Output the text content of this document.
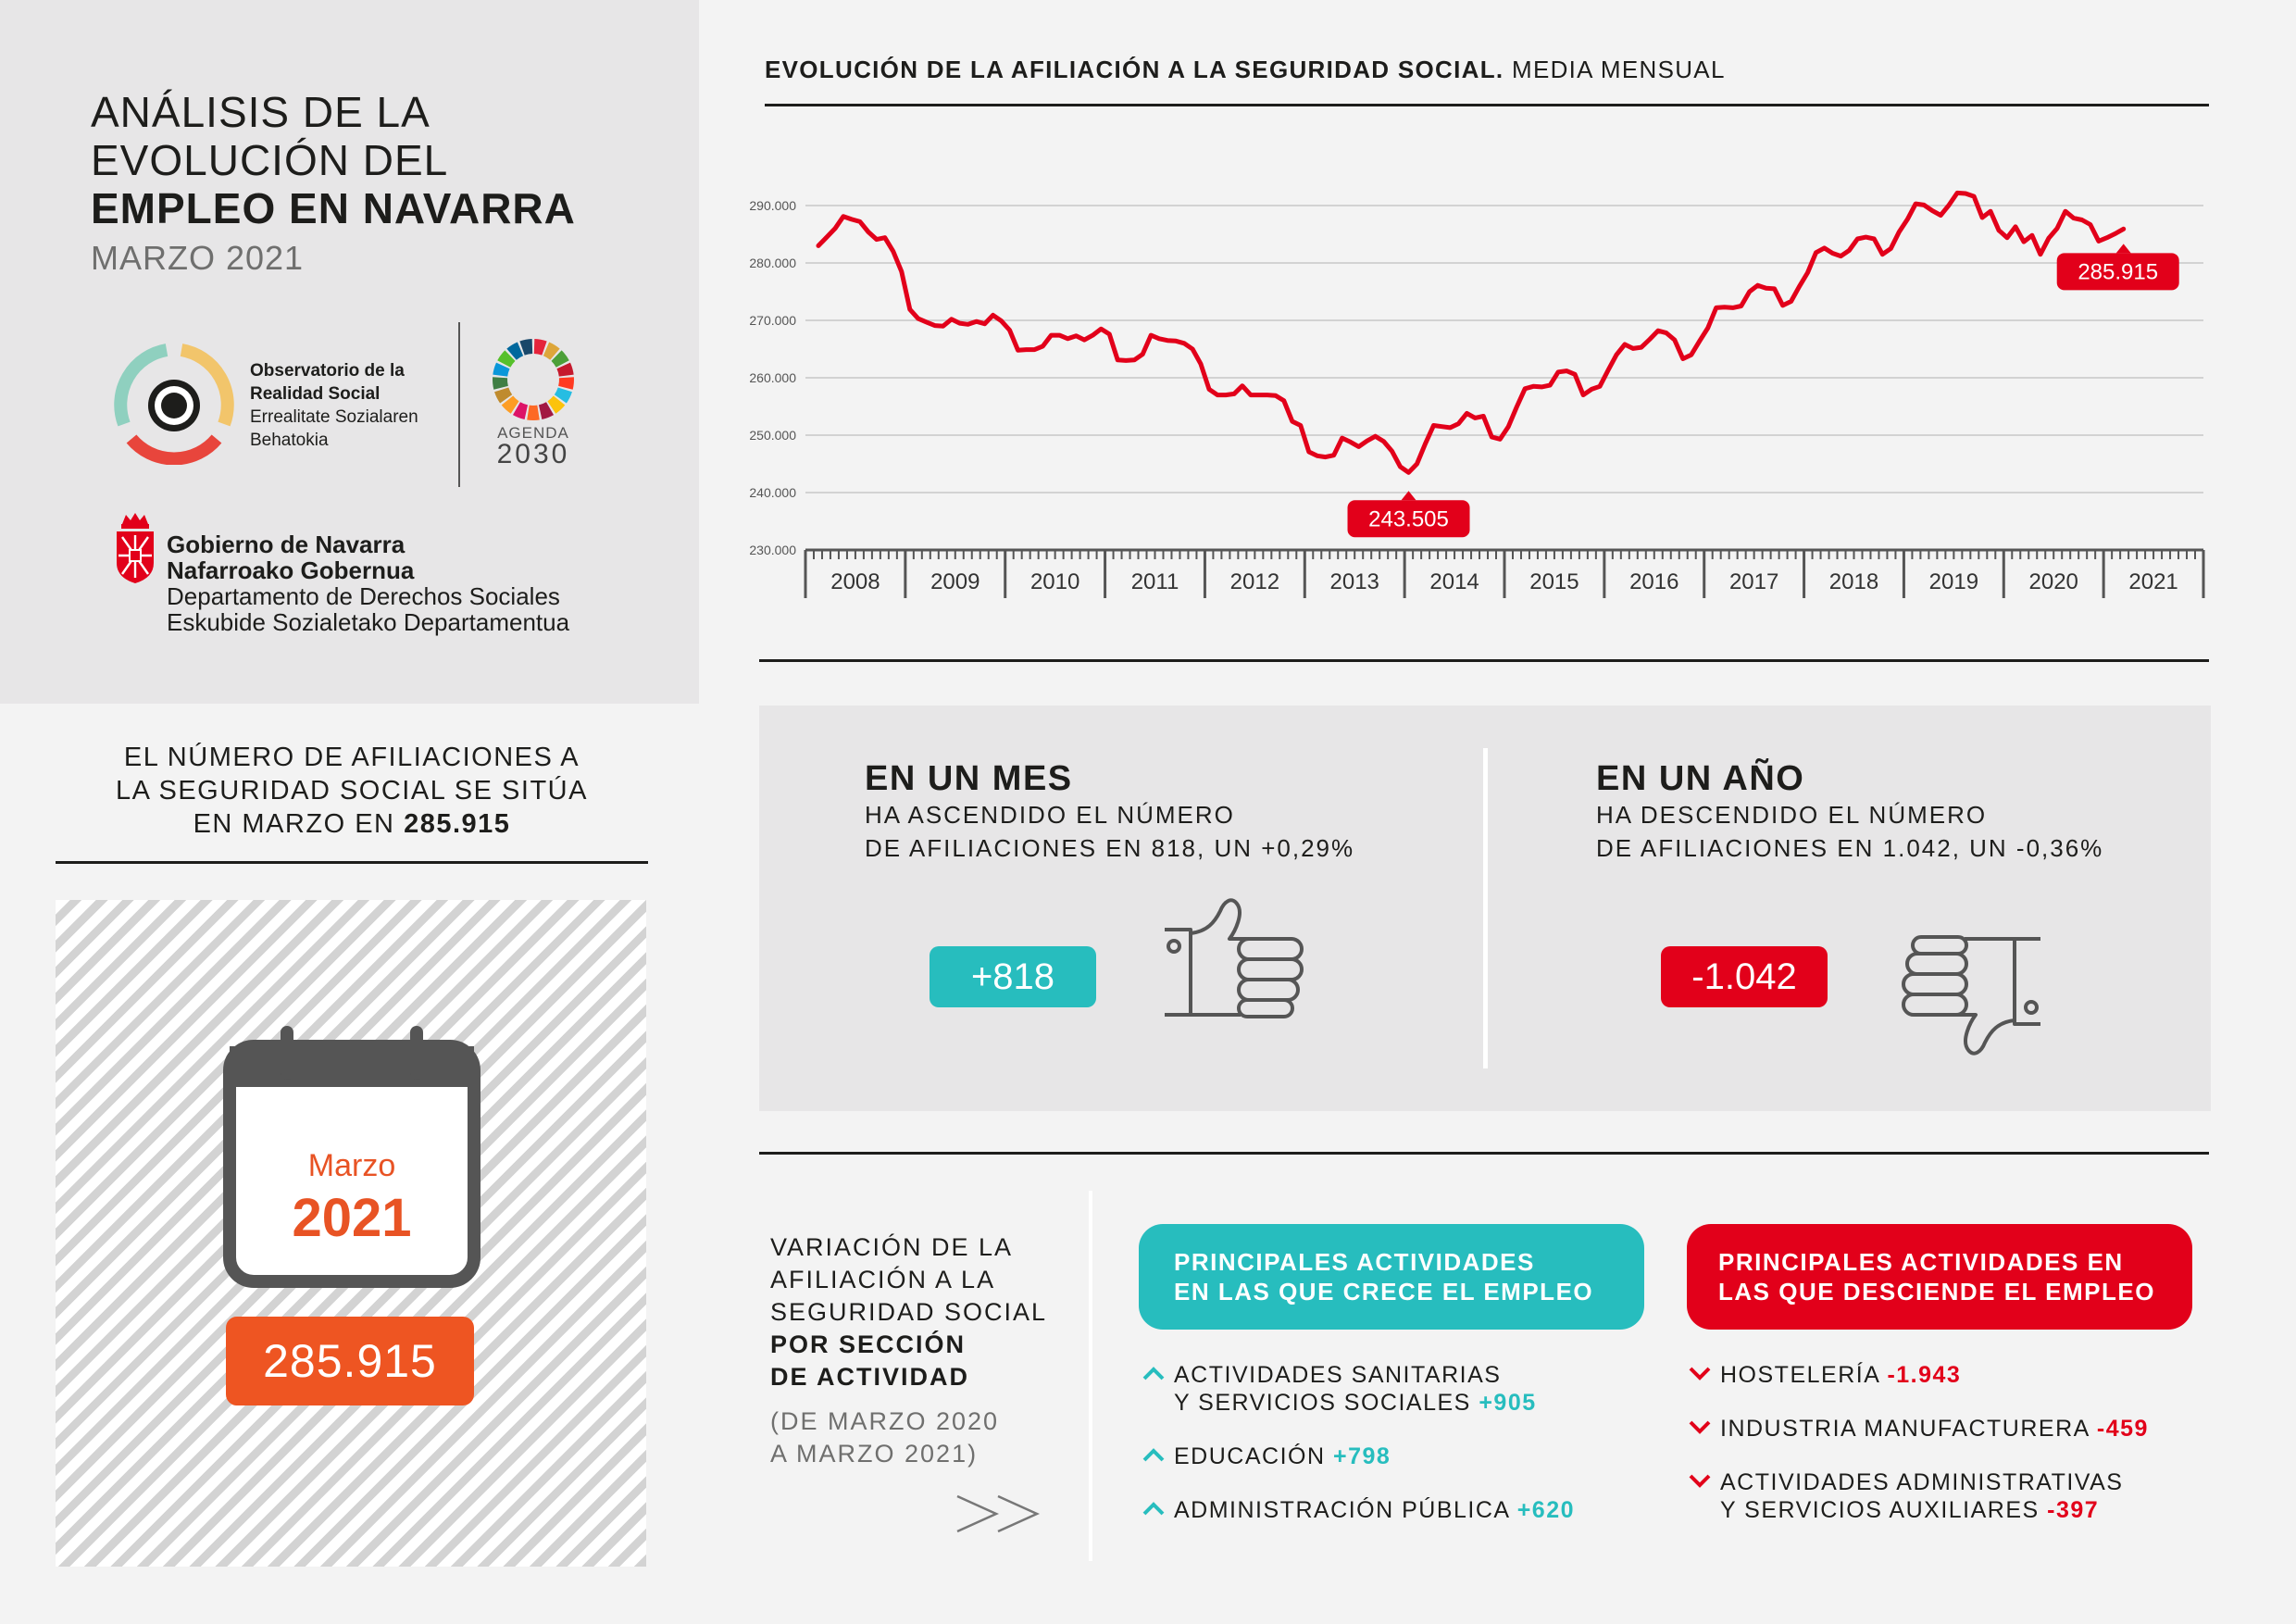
ANÁLISIS DE LA
EVOLUCIÓN DEL
EMPLEO EN NAVARRA
MARZO 2021
Observatorio de la
Realidad Social
Errealitate Sozialaren
Behatokia	AGENDA
2030
Gobierno de Navarra
Nafarroako Gobernua
Departamento de Derechos Sociales
Eskubide Sozialetako Departamentua
EL NÚMERO DE AFILIACIONES A
LA SEGURIDAD SOCIAL SE SITÚA
EN MARZO EN 285.915
Marzo
2021
285.915
EVOLUCIÓN DE LA AFILIACIÓN A LA SEGURIDAD SOCIAL. MEDIA MENSUAL
230.000
240.000
250.000
260.000
270.000
280.000
290.000
2008 2009 2010 2011 2012 2013 2014 2015 2016 2017 2018 2019 2020 2021
243.505
285.915
EN UN MES
HA ASCENDIDO EL NÚMERO
DE AFILIACIONES EN 818, UN +0,29%
+818
EN UN AÑO
HA DESCENDIDO EL NÚMERO
DE AFILIACIONES EN 1.042, UN -0,36%
-1.042
VARIACIÓN DE LA
AFILIACIÓN A LA
SEGURIDAD SOCIAL
POR SECCIÓN
DE ACTIVIDAD
(DE MARZO 2020
A MARZO 2021)
PRINCIPALES ACTIVIDADES
EN LAS QUE CRECE EL EMPLEO
PRINCIPALES ACTIVIDADES EN
LAS QUE DESCIENDE EL EMPLEO
ACTIVIDADES SANITARIAS
Y SERVICIOS SOCIALES +905
EDUCACIÓN +798
ADMINISTRACIÓN PÚBLICA +620
HOSTELERÍA -1.943
INDUSTRIA MANUFACTURERA -459
ACTIVIDADES ADMINISTRATIVAS
Y SERVICIOS AUXILIARES -397
